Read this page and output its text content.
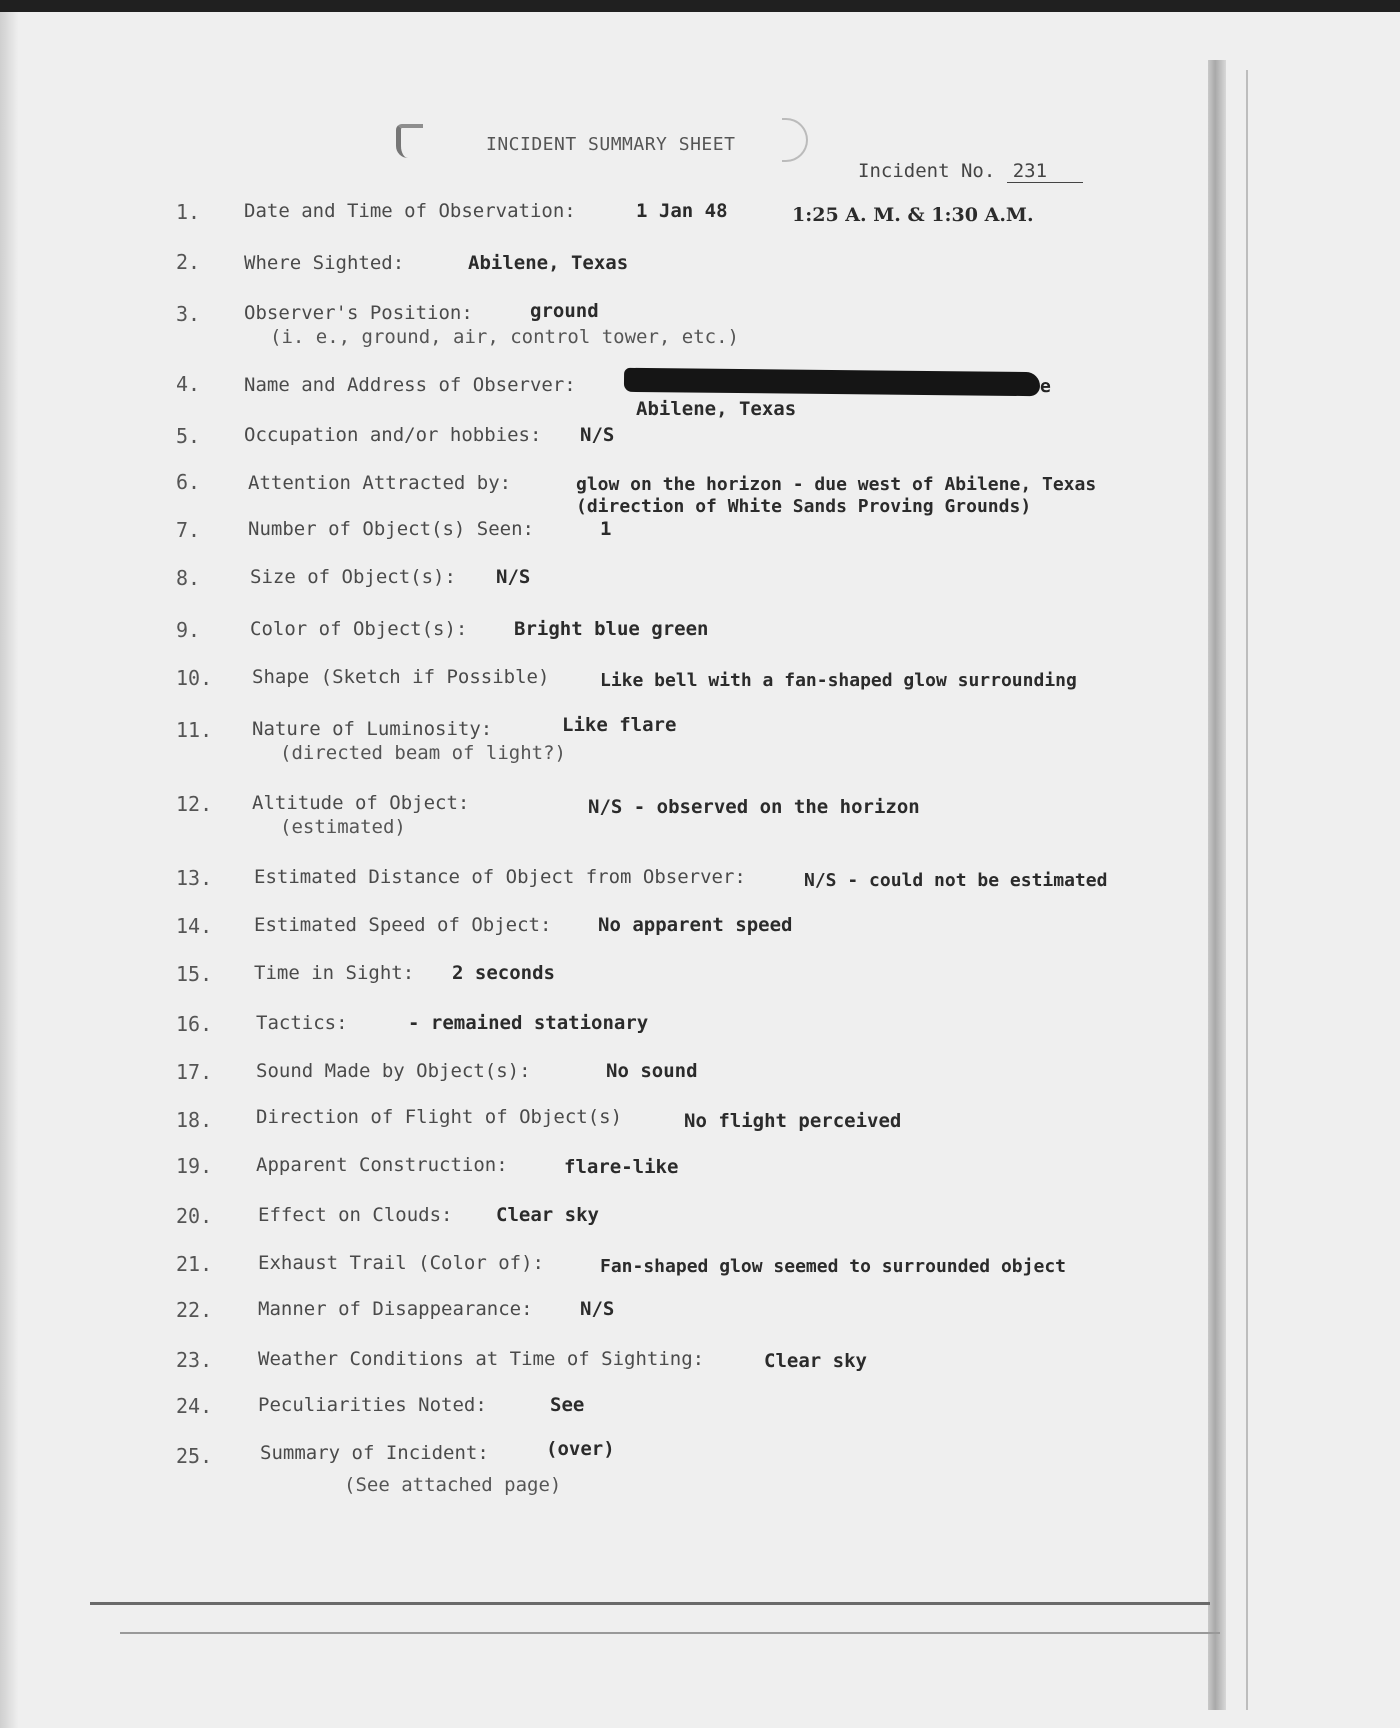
INCIDENT SUMMARY SHEET
Incident No. 231
1. Date and Time of Observation:	1 Jan 48	1:25 A. M. & 1:30 A.M.
2. Where Sighted:	Abilene, Texas
3. Observer's Position:	ground
(i. e., ground, air, control tower, etc.)
4. Name and Address of Observer:	e
Abilene, Texas
5. Occupation and/or hobbies: N/S
6.	Attention Attracted by:	glow on the horizon - due west of Abilene, Texas
(direction of White Sands Proving Grounds)
7.	Number of Object(s) Seen:	1
8.	Size of Object(s): N/S
9.	Color of Object(s): Bright blue green
10. Shape (Sketch if Possible)	Like bell with a fan-shaped glow surrounding
11. Nature of Luminosity:	Like flare
(directed beam of light?)
12. Altitude of Object:	N/S - observed on the horizon
(estimated)
13. Estimated Distance of Object from Observer:	N/S - could not be estimated
14. Estimated Speed of Object: No apparent speed
15. Time in Sight: 2 seconds
16. Tactics:	- remained stationary
17. Sound Made by Object(s):	No sound
18. Direction of Flight of Object(s)	No flight perceived
19. Apparent Construction:	flare-like
20. Effect on Clouds: Clear sky
21. Exhaust Trail (Color of):	Fan-shaped glow seemed to surrounded object
22. Manner of Disappearance: N/S
23. Weather Conditions at Time of Sighting:	Clear sky
24. Peculiarities Noted:	See
25.	Summary of Incident:	(over)
(See attached page)
